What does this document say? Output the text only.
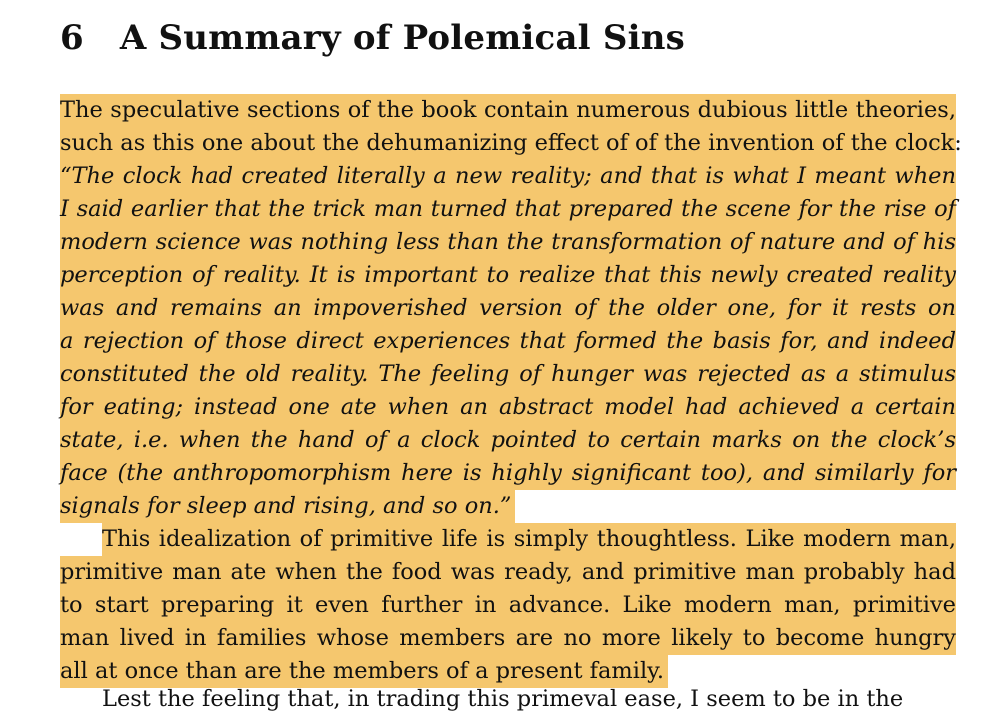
6 A Summary of Polemical Sins
The speculative sections of the book contain numerous dubious little theories,
such as this one about the dehumanizing effect of of the invention of the clock:
“The clock had created literally a new reality; and that is what I meant when
I said earlier that the trick man turned that prepared the scene for the rise of
modern science was nothing less than the transformation of nature and of his
perception of reality. It is important to realize that this newly created reality
was and remains an impoverished version of the older one, for it rests on
a rejection of those direct experiences that formed the basis for, and indeed
constituted the old reality. The feeling of hunger was rejected as a stimulus
for eating; instead one ate when an abstract model had achieved a certain
state, i.e. when the hand of a clock pointed to certain marks on the clock’s
face (the anthropomorphism here is highly significant too), and similarly for
signals for sleep and rising, and so on.”
This idealization of primitive life is simply thoughtless. Like modern man,
primitive man ate when the food was ready, and primitive man probably had
to start preparing it even further in advance. Like modern man, primitive
man lived in families whose members are no more likely to become hungry
all at once than are the members of a present family.
Lest the feeling that, in trading this primeval ease, I seem to be in the
